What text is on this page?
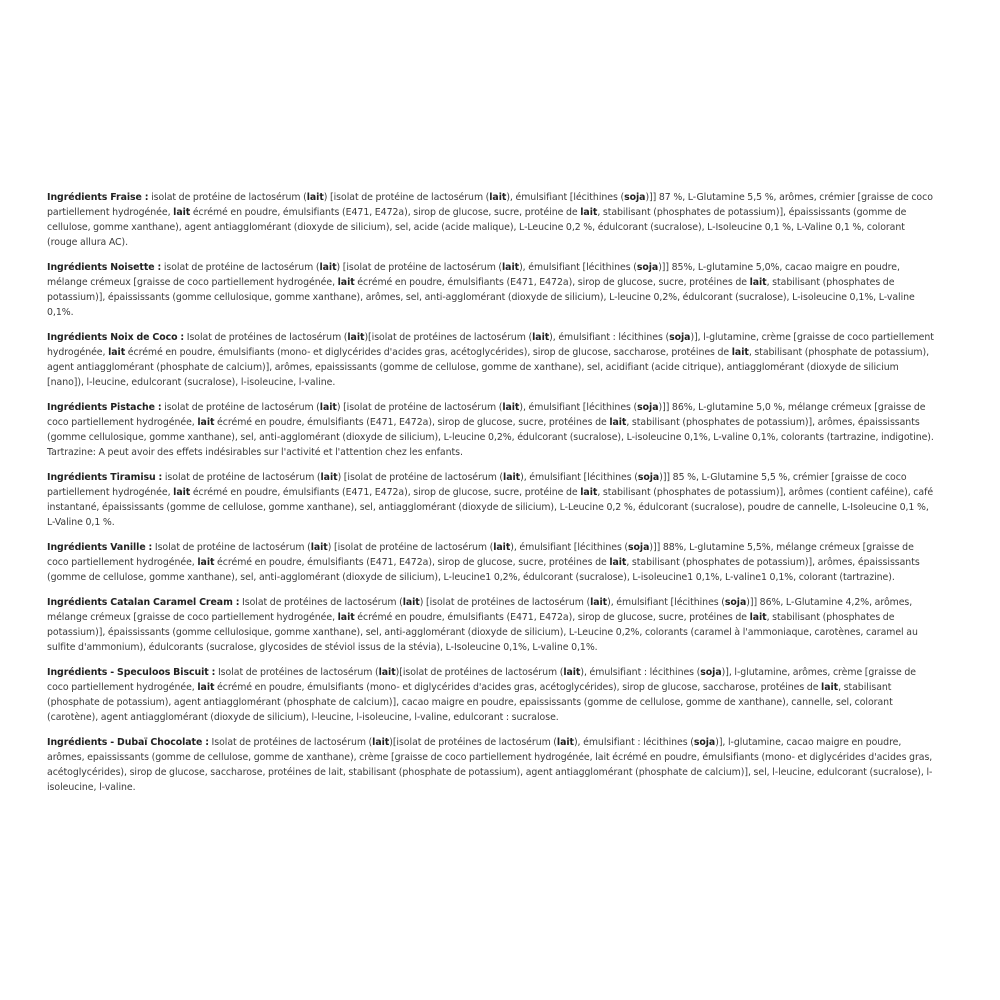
Ingrédients Fraise : isolat de protéine de lactosérum (lait) [isolat de protéine de lactosérum (lait), émulsifiant [lécithines (soja)]] 87 %, L-Glutamine 5,5 %, arômes, crémier [graisse de coco partiellement hydrogénée, lait écrémé en poudre, émulsifiants (E471, E472a), sirop de glucose, sucre, protéine de lait, stabilisant (phosphates de potassium)], épaississants (gomme de cellulose, gomme xanthane), agent antiagglomérant (dioxyde de silicium), sel, acide (acide malique), L-Leucine 0,2 %, édulcorant (sucralose), L-Isoleucine 0,1 %, L-Valine 0,1 %, colorant (rouge allura AC).

Ingrédients Noisette : isolat de protéine de lactosérum (lait) [isolat de protéine de lactosérum (lait), émulsifiant [lécithines (soja)]] 85%, L-glutamine 5,0%, cacao maigre en poudre, mélange crémeux [graisse de coco partiellement hydrogénée, lait écrémé en poudre, émulsifiants (E471, E472a), sirop de glucose, sucre, protéines de lait, stabilisant (phosphates de potassium)], épaississants (gomme cellulosique, gomme xanthane), arômes, sel, anti-agglomérant (dioxyde de silicium), L-leucine 0,2%, édulcorant (sucralose), L-isoleucine 0,1%, L-valine 0,1%.

Ingrédients Noix de Coco : Isolat de protéines de lactosérum (lait)[isolat de protéines de lactosérum (lait), émulsifiant : lécithines (soja)], l-glutamine, crème [graisse de coco partiellement hydrogénée, lait écrémé en poudre, émulsifiants (mono- et diglycérides d'acides gras, acétoglycérides), sirop de glucose, saccharose, protéines de lait, stabilisant (phosphate de potassium), agent antiagglomérant (phosphate de calcium)], arômes, epaississants (gomme de cellulose, gomme de xanthane), sel, acidifiant (acide citrique), antiagglomérant (dioxyde de silicium [nano]), l-leucine, edulcorant (sucralose), l-isoleucine, l-valine.

Ingrédients Pistache : isolat de protéine de lactosérum (lait) [isolat de protéine de lactosérum (lait), émulsifiant [lécithines (soja)]] 86%, L-glutamine 5,0 %, mélange crémeux [graisse de coco partiellement hydrogénée, lait écrémé en poudre, émulsifiants (E471, E472a), sirop de glucose, sucre, protéines de lait, stabilisant (phosphates de potassium)], arômes, épaississants (gomme cellulosique, gomme xanthane), sel, anti-agglomérant (dioxyde de silicium), L-leucine 0,2%, édulcorant (sucralose), L-isoleucine 0,1%, L-valine 0,1%, colorants (tartrazine, indigotine). Tartrazine: A peut avoir des effets indésirables sur l'activité et l'attention chez les enfants.

Ingrédients Tiramisu : isolat de protéine de lactosérum (lait) [isolat de protéine de lactosérum (lait), émulsifiant [lécithines (soja)]] 85 %, L-Glutamine 5,5 %, crémier [graisse de coco partiellement hydrogénée, lait écrémé en poudre, émulsifiants (E471, E472a), sirop de glucose, sucre, protéine de lait, stabilisant (phosphates de potassium)], arômes (contient caféine), café instantané, épaississants (gomme de cellulose, gomme xanthane), sel, antiagglomérant (dioxyde de silicium), L-Leucine 0,2 %, édulcorant (sucralose), poudre de cannelle, L-Isoleucine 0,1 %, L-Valine 0,1 %.

Ingrédients Vanille : Isolat de protéine de lactosérum (lait) [isolat de protéine de lactosérum (lait), émulsifiant [lécithines (soja)]] 88%, L-glutamine 5,5%, mélange crémeux [graisse de coco partiellement hydrogénée, lait écrémé en poudre, émulsifiants (E471, E472a), sirop de glucose, sucre, protéines de lait, stabilisant (phosphates de potassium)], arômes, épaississants (gomme de cellulose, gomme xanthane), sel, anti-agglomérant (dioxyde de silicium), L-leucine1 0,2%, édulcorant (sucralose), L-isoleucine1 0,1%, L-valine1 0,1%, colorant (tartrazine).

Ingrédients Catalan Caramel Cream : Isolat de protéines de lactosérum (lait) [isolat de protéines de lactosérum (lait), émulsifiant [lécithines (soja)]] 86%, L-Glutamine 4,2%, arômes, mélange crémeux [graisse de coco partiellement hydrogénée, lait écrémé en poudre, émulsifiants (E471, E472a), sirop de glucose, sucre, protéines de lait, stabilisant (phosphates de potassium)], épaississants (gomme cellulosique, gomme xanthane), sel, anti-agglomérant (dioxyde de silicium), L-Leucine 0,2%, colorants (caramel à l'ammoniaque, carotènes, caramel au sulfite d'ammonium), édulcorants (sucralose, glycosides de stéviol issus de la stévia), L-Isoleucine 0,1%, L-valine 0,1%.

Ingrédients - Speculoos Biscuit : Isolat de protéines de lactosérum (lait)[isolat de protéines de lactosérum (lait), émulsifiant : lécithines (soja)], l-glutamine, arômes, crème [graisse de coco partiellement hydrogénée, lait écrémé en poudre, émulsifiants (mono- et diglycérides d'acides gras, acétoglycérides), sirop de glucose, saccharose, protéines de lait, stabilisant (phosphate de potassium), agent antiagglomérant (phosphate de calcium)], cacao maigre en poudre, epaississants (gomme de cellulose, gomme de xanthane), cannelle, sel, colorant (carotène), agent antiagglomérant (dioxyde de silicium), l-leucine, l-isoleucine, l-valine, edulcorant : sucralose.

Ingrédients - Dubaï Chocolate : Isolat de protéines de lactosérum (lait)[isolat de protéines de lactosérum (lait), émulsifiant : lécithines (soja)], l-glutamine, cacao maigre en poudre, arômes, epaississants (gomme de cellulose, gomme de xanthane), crème [graisse de coco partiellement hydrogénée, lait écrémé en poudre, émulsifiants (mono- et diglycérides d'acides gras, acétoglycérides), sirop de glucose, saccharose, protéines de lait, stabilisant (phosphate de potassium), agent antiagglomérant (phosphate de calcium)], sel, l-leucine, edulcorant (sucralose), l-isoleucine, l-valine.
